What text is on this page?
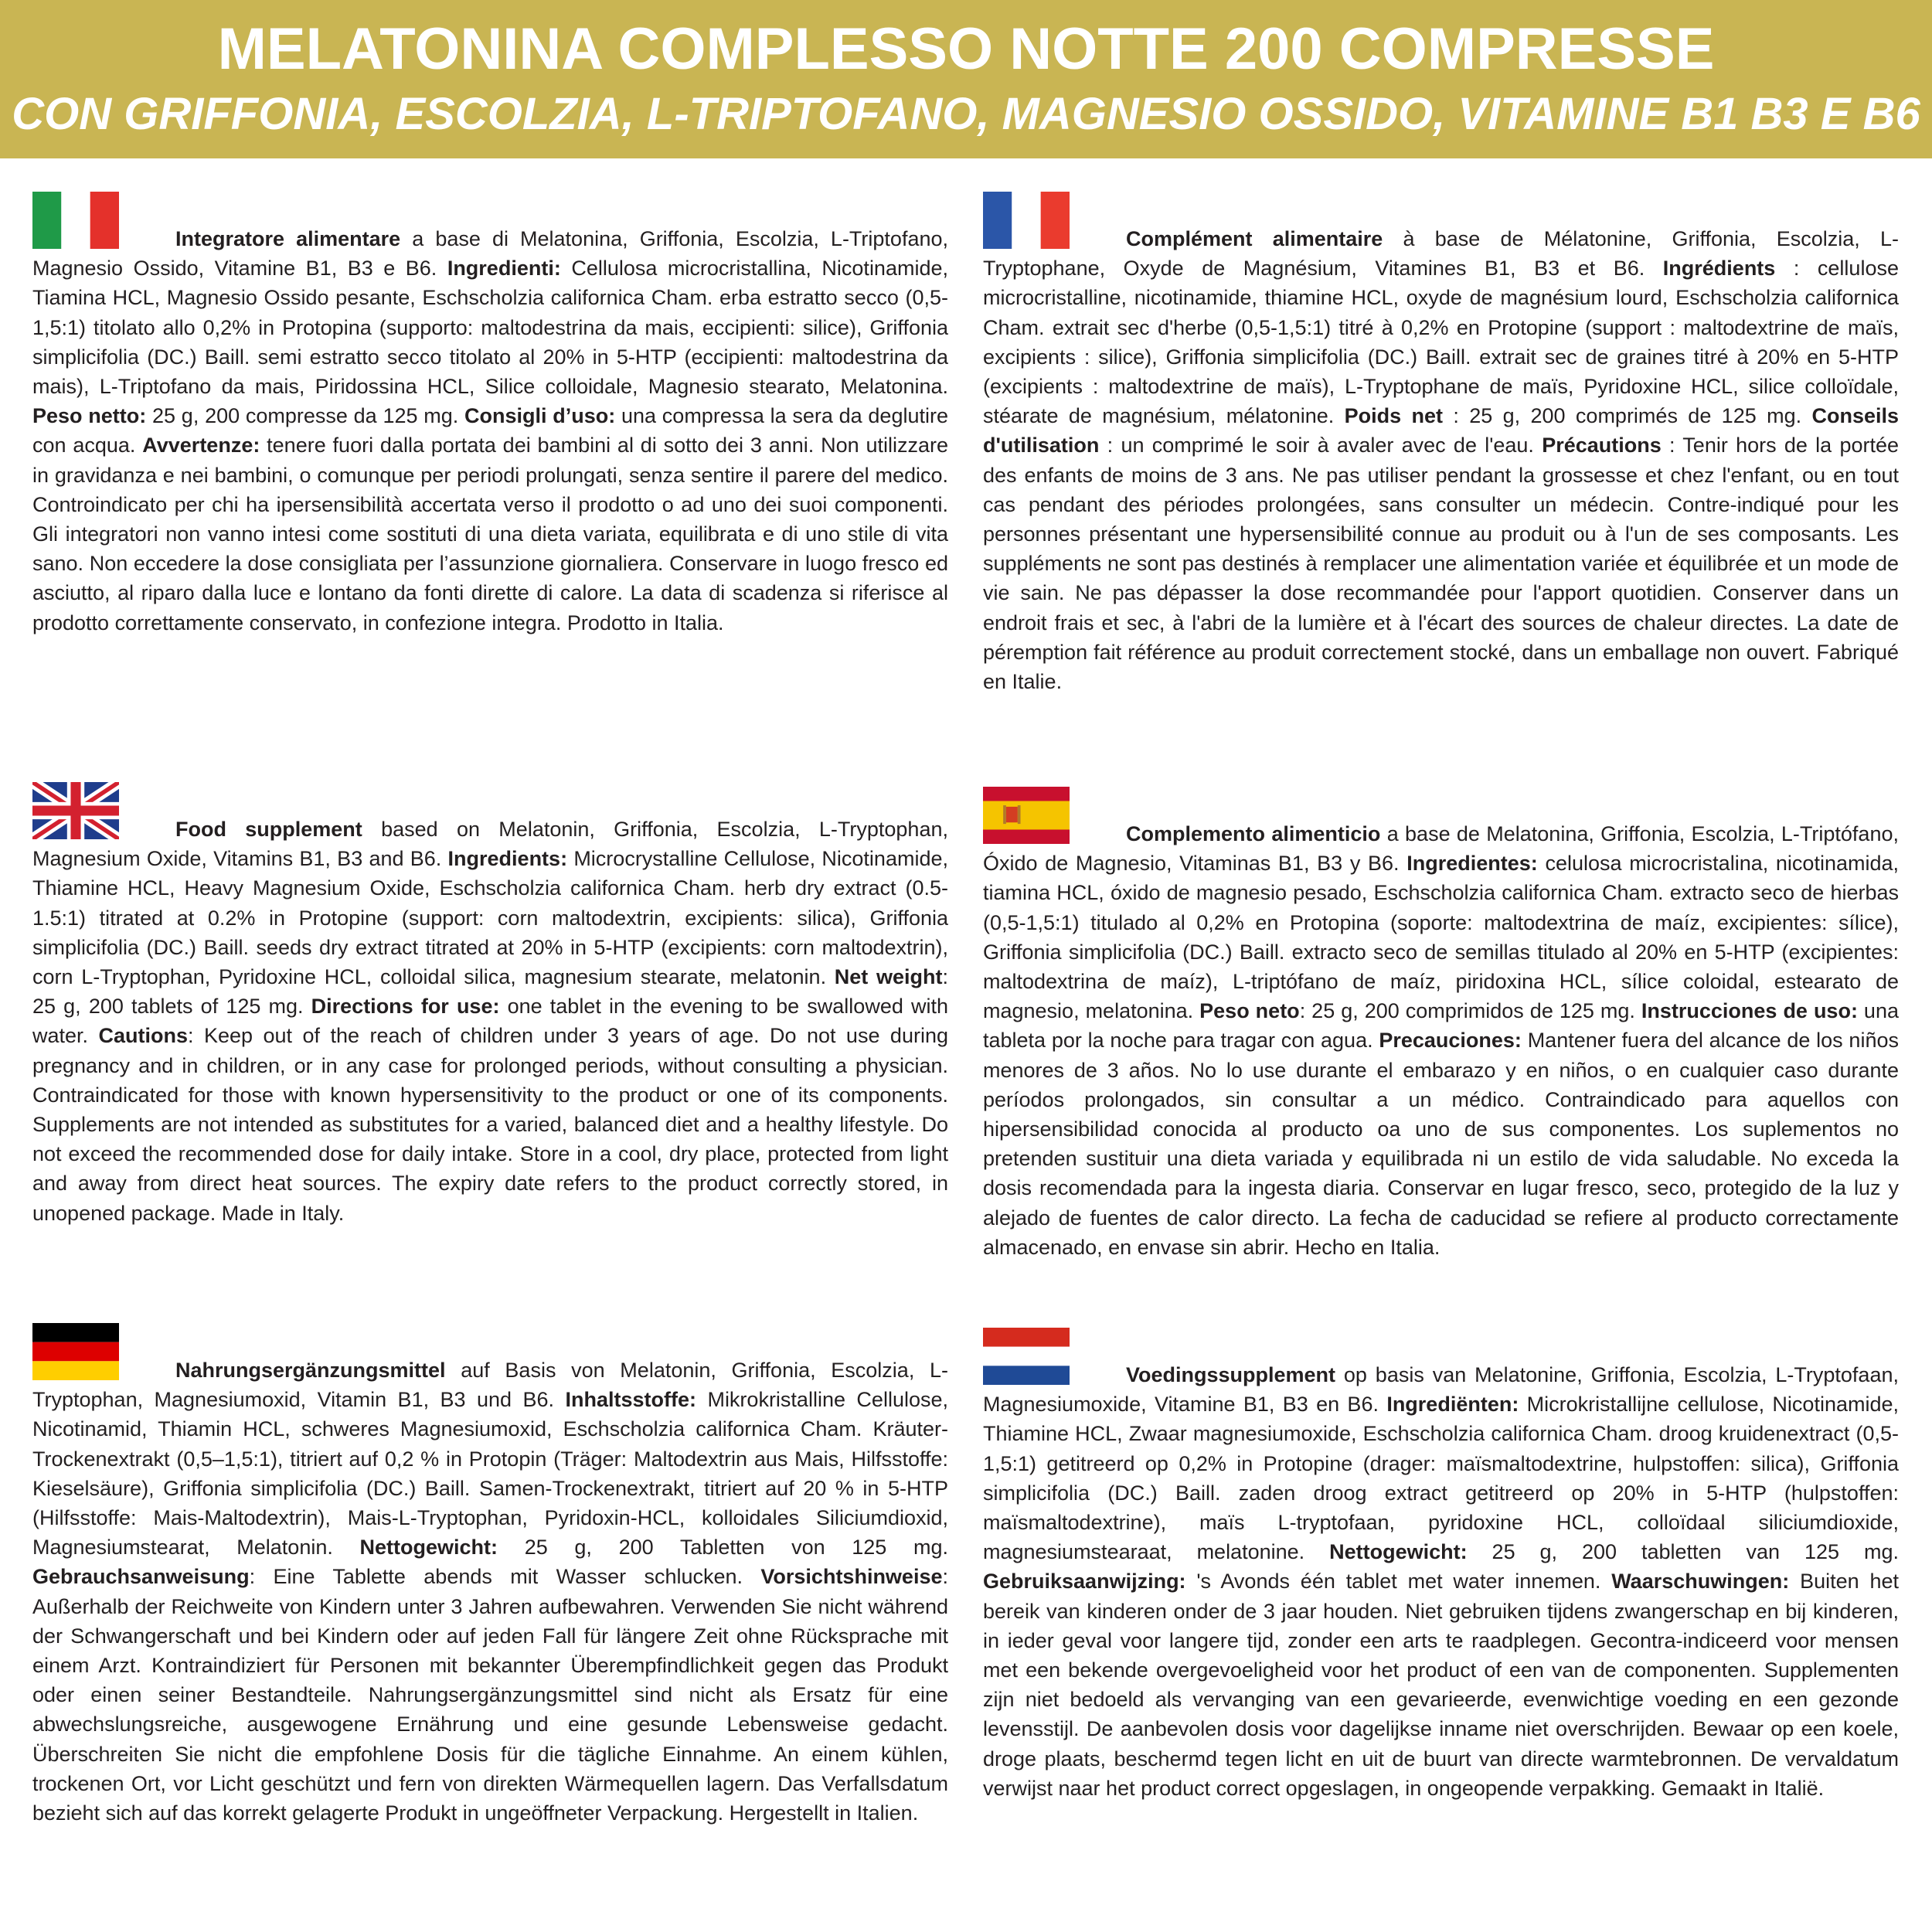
MELATONINA COMPLESSO NOTTE 200 COMPRESSE
CON GRIFFONIA, ESCOLZIA, L-TRIPTOFANO, MAGNESIO OSSIDO, VITAMINE B1 B3 E B6

Integratore alimentare a base di Melatonina, Griffonia, Escolzia, L-Triptofano, Magnesio Ossido, Vitamine B1, B3 e B6. Ingredienti: Cellulosa microcristallina, Nicotinamide, Tiamina HCL, Magnesio Ossido pesante, Eschscholzia californica Cham. erba estratto secco (0,5-1,5:1) titolato allo 0,2% in Protopina (supporto: maltodestrina da mais, eccipienti: silice), Griffonia simplicifolia (DC.) Baill. semi estratto secco titolato al 20% in 5-HTP (eccipienti: maltodestrina da mais), L-Triptofano da mais, Piridossina HCL, Silice colloidale, Magnesio stearato, Melatonina. Peso netto: 25 g, 200 compresse da 125 mg. Consigli d’uso: una compressa la sera da deglutire con acqua. Avvertenze: tenere fuori dalla portata dei bambini al di sotto dei 3 anni. Non utilizzare in gravidanza e nei bambini, o comunque per periodi prolungati, senza sentire il parere del medico. Controindicato per chi ha ipersensibilità accertata verso il prodotto o ad uno dei suoi componenti. Gli integratori non vanno intesi come sostituti di una dieta variata, equilibrata e di uno stile di vita sano. Non eccedere la dose consigliata per l’assunzione giornaliera. Conservare in luogo fresco ed asciutto, al riparo dalla luce e lontano da fonti dirette di calore. La data di scadenza si riferisce al prodotto correttamente conservato, in confezione integra. Prodotto in Italia.

Complément alimentaire à base de Mélatonine, Griffonia, Escolzia, L-Tryptophane, Oxyde de Magnésium, Vitamines B1, B3 et B6. Ingrédients : cellulose microcristalline, nicotinamide, thiamine HCL, oxyde de magnésium lourd, Eschscholzia californica Cham. extrait sec d'herbe (0,5-1,5:1) titré à 0,2% en Protopine (support : maltodextrine de maïs, excipients : silice), Griffonia simplicifolia (DC.) Baill. extrait sec de graines titré à 20% en 5-HTP (excipients : maltodextrine de maïs), L-Tryptophane de maïs, Pyridoxine HCL, silice colloïdale, stéarate de magnésium, mélatonine. Poids net : 25 g, 200 comprimés de 125 mg. Conseils d'utilisation : un comprimé le soir à avaler avec de l'eau. Précautions : Tenir hors de la portée des enfants de moins de 3 ans. Ne pas utiliser pendant la grossesse et chez l'enfant, ou en tout cas pendant des périodes prolongées, sans consulter un médecin. Contre-indiqué pour les personnes présentant une hypersensibilité connue au produit ou à l'un de ses composants. Les suppléments ne sont pas destinés à remplacer une alimentation variée et équilibrée et un mode de vie sain. Ne pas dépasser la dose recommandée pour l'apport quotidien. Conserver dans un endroit frais et sec, à l'abri de la lumière et à l'écart des sources de chaleur directes. La date de péremption fait référence au produit correctement stocké, dans un emballage non ouvert. Fabriqué en Italie.

Food supplement based on Melatonin, Griffonia, Escolzia, L-Tryptophan, Magnesium Oxide, Vitamins B1, B3 and B6. Ingredients: Microcrystalline Cellulose, Nicotinamide, Thiamine HCL, Heavy Magnesium Oxide, Eschscholzia californica Cham. herb dry extract (0.5-1.5:1) titrated at 0.2% in Protopine (support: corn maltodextrin, excipients: silica), Griffonia simplicifolia (DC.) Baill. seeds dry extract titrated at 20% in 5-HTP (excipients: corn maltodextrin), corn L-Tryptophan, Pyridoxine HCL, colloidal silica, magnesium stearate, melatonin. Net weight: 25 g, 200 tablets of 125 mg. Directions for use: one tablet in the evening to be swallowed with water. Cautions: Keep out of the reach of children under 3 years of age. Do not use during pregnancy and in children, or in any case for prolonged periods, without consulting a physician. Contraindicated for those with known hypersensitivity to the product or one of its components. Supplements are not intended as substitutes for a varied, balanced diet and a healthy lifestyle. Do not exceed the recommended dose for daily intake. Store in a cool, dry place, protected from light and away from direct heat sources. The expiry date refers to the product correctly stored, in unopened package. Made in Italy.

Complemento alimenticio a base de Melatonina, Griffonia, Escolzia, L-Triptófano, Óxido de Magnesio, Vitaminas B1, B3 y B6. Ingredientes: celulosa microcristalina, nicotinamida, tiamina HCL, óxido de magnesio pesado, Eschscholzia californica Cham. extracto seco de hierbas (0,5-1,5:1) titulado al 0,2% en Protopina (soporte: maltodextrina de maíz, excipientes: sílice), Griffonia simplicifolia (DC.) Baill. extracto seco de semillas titulado al 20% en 5-HTP (excipientes: maltodextrina de maíz), L-triptófano de maíz, piridoxina HCL, sílice coloidal, estearato de magnesio, melatonina. Peso neto: 25 g, 200 comprimidos de 125 mg. Instrucciones de uso: una tableta por la noche para tragar con agua. Precauciones: Mantener fuera del alcance de los niños menores de 3 años. No lo use durante el embarazo y en niños, o en cualquier caso durante períodos prolongados, sin consultar a un médico. Contraindicado para aquellos con hipersensibilidad conocida al producto oa uno de sus componentes. Los suplementos no pretenden sustituir una dieta variada y equilibrada ni un estilo de vida saludable. No exceda la dosis recomendada para la ingesta diaria. Conservar en lugar fresco, seco, protegido de la luz y alejado de fuentes de calor directo. La fecha de caducidad se refiere al producto correctamente almacenado, en envase sin abrir. Hecho en Italia.

Nahrungsergänzungsmittel auf Basis von Melatonin, Griffonia, Escolzia, L-Tryptophan, Magnesiumoxid, Vitamin B1, B3 und B6. Inhaltsstoffe: Mikrokristalline Cellulose, Nicotinamid, Thiamin HCL, schweres Magnesiumoxid, Eschscholzia californica Cham. Kräuter-Trockenextrakt (0,5–1,5:1), titriert auf 0,2 % in Protopin (Träger: Maltodextrin aus Mais, Hilfsstoffe: Kieselsäure), Griffonia simplicifolia (DC.) Baill. Samen-Trockenextrakt, titriert auf 20 % in 5-HTP (Hilfsstoffe: Mais-Maltodextrin), Mais-L-Tryptophan, Pyridoxin-HCL, kolloidales Siliciumdioxid, Magnesiumstearat, Melatonin. Nettogewicht: 25 g, 200 Tabletten von 125 mg. Gebrauchsanweisung: Eine Tablette abends mit Wasser schlucken. Vorsichtshinweise: Außerhalb der Reichweite von Kindern unter 3 Jahren aufbewahren. Verwenden Sie nicht während der Schwangerschaft und bei Kindern oder auf jeden Fall für längere Zeit ohne Rücksprache mit einem Arzt. Kontraindiziert für Personen mit bekannter Überempfindlichkeit gegen das Produkt oder einen seiner Bestandteile. Nahrungsergänzungsmittel sind nicht als Ersatz für eine abwechslungsreiche, ausgewogene Ernährung und eine gesunde Lebensweise gedacht. Überschreiten Sie nicht die empfohlene Dosis für die tägliche Einnahme. An einem kühlen, trockenen Ort, vor Licht geschützt und fern von direkten Wärmequellen lagern. Das Verfallsdatum bezieht sich auf das korrekt gelagerte Produkt in ungeöffneter Verpackung. Hergestellt in Italien.

Voedingssupplement op basis van Melatonine, Griffonia, Escolzia, L-Tryptofaan, Magnesiumoxide, Vitamine B1, B3 en B6. Ingrediënten: Microkristallijne cellulose, Nicotinamide, Thiamine HCL, Zwaar magnesiumoxide, Eschscholzia californica Cham. droog kruidenextract (0,5-1,5:1) getitreerd op 0,2% in Protopine (drager: maïsmaltodextrine, hulpstoffen: silica), Griffonia simplicifolia (DC.) Baill. zaden droog extract getitreerd op 20% in 5-HTP (hulpstoffen: maïsmaltodextrine), maïs L-tryptofaan, pyridoxine HCL, colloïdaal siliciumdioxide, magnesiumstearaat, melatonine. Nettogewicht: 25 g, 200 tabletten van 125 mg. Gebruiksaanwijzing: 's Avonds één tablet met water innemen. Waarschuwingen: Buiten het bereik van kinderen onder de 3 jaar houden. Niet gebruiken tijdens zwangerschap en bij kinderen, in ieder geval voor langere tijd, zonder een arts te raadplegen. Gecontra-indiceerd voor mensen met een bekende overgevoeligheid voor het product of een van de componenten. Supplementen zijn niet bedoeld als vervanging van een gevarieerde, evenwichtige voeding en een gezonde levensstijl. De aanbevolen dosis voor dagelijkse inname niet overschrijden. Bewaar op een koele, droge plaats, beschermd tegen licht en uit de buurt van directe warmtebronnen. De vervaldatum verwijst naar het product correct opgeslagen, in ongeopende verpakking. Gemaakt in Italië.
